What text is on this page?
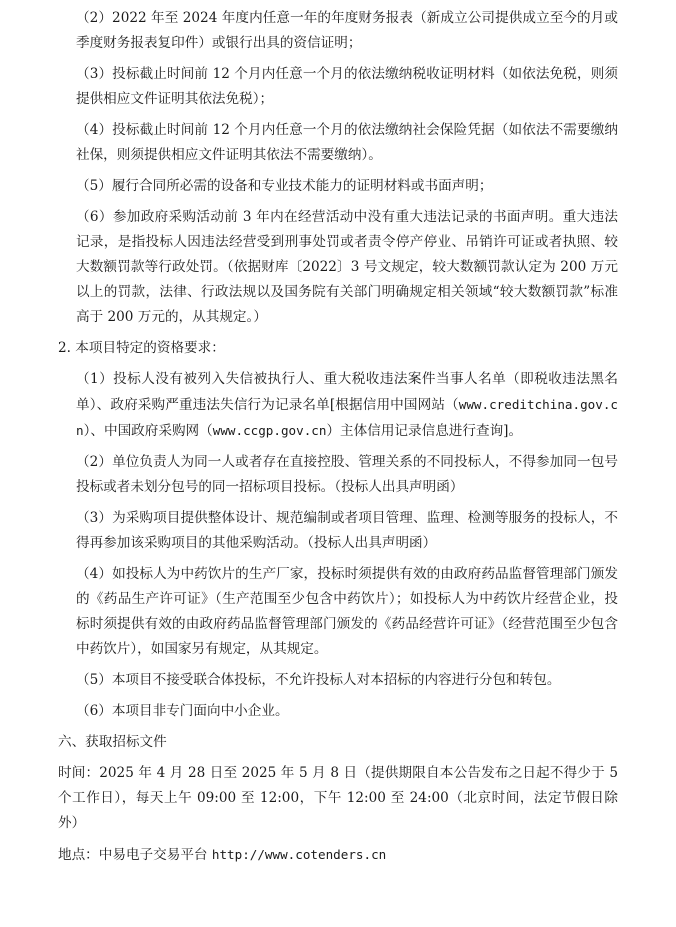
（2）2022 年至 2024 年度内任意一年的年度财务报表（新成立公司提供成立至今的月或季度财务报表复印件）或银行出具的资信证明；

（3）投标截止时间前 12 个月内任意一个月的依法缴纳税收证明材料（如依法免税，则须提供相应文件证明其依法免税）；

（4）投标截止时间前 12 个月内任意一个月的依法缴纳社会保险凭据（如依法不需要缴纳社保，则须提供相应文件证明其依法不需要缴纳）。

（5）履行合同所必需的设备和专业技术能力的证明材料或书面声明；

（6）参加政府采购活动前 3 年内在经营活动中没有重大违法记录的书面声明。重大违法记录，是指投标人因违法经营受到刑事处罚或者责令停产停业、吊销许可证或者执照、较大数额罚款等行政处罚。（依据财库〔2022〕3 号文规定，较大数额罚款认定为 200 万元以上的罚款，法律、行政法规以及国务院有关部门明确规定相关领域“较大数额罚款”标准高于 200 万元的，从其规定。）

2. 本项目特定的资格要求：

（1）投标人没有被列入失信被执行人、重大税收违法案件当事人名单（即税收违法黑名单）、政府采购严重违法失信行为记录名单[根据信用中国网站（www.creditchina.gov.cn）、中国政府采购网（www.ccgp.gov.cn）主体信用记录信息进行查询]。

（2）单位负责人为同一人或者存在直接控股、管理关系的不同投标人，不得参加同一包号投标或者未划分包号的同一招标项目投标。（投标人出具声明函）

（3）为采购项目提供整体设计、规范编制或者项目管理、监理、检测等服务的投标人，不得再参加该采购项目的其他采购活动。（投标人出具声明函）

（4）如投标人为中药饮片的生产厂家，投标时须提供有效的由政府药品监督管理部门颁发的《药品生产许可证》（生产范围至少包含中药饮片）；如投标人为中药饮片经营企业，投标时须提供有效的由政府药品监督管理部门颁发的《药品经营许可证》（经营范围至少包含中药饮片），如国家另有规定，从其规定。

（5）本项目不接受联合体投标，不允许投标人对本招标的内容进行分包和转包。

（6）本项目非专门面向中小企业。

六、获取招标文件

时间：2025 年 4 月 28 日至 2025 年 5 月 8 日（提供期限自本公告发布之日起不得少于 5 个工作日），每天上午 09:00 至 12:00，下午 12:00 至 24:00（北京时间，法定节假日除外）

地点：中易电子交易平台 http://www.cotenders.cn
